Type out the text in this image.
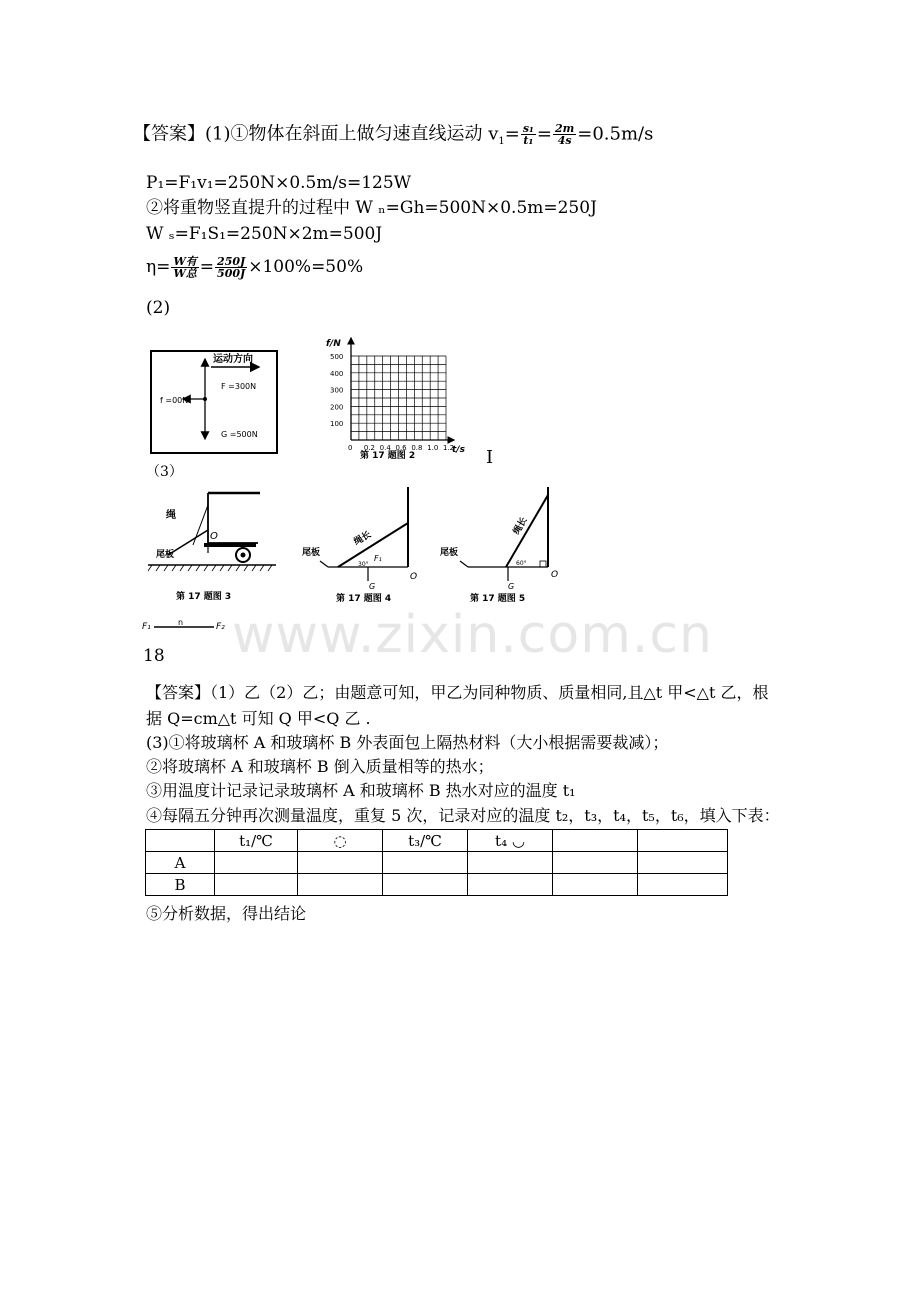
【答案】(1)①物体在斜面上做匀速直线运动 $v_1= \frac{\text{s₁}}{\text{t₁}} = \frac{2m}{4s} =0.5m/s$
P₁=F₁v₁=250N×0.5m/s=125W
②将重物竖直提升的过程中 W ₙ=Gh=500N×0.5m=250J
W ₛ=F₁S₁=250N×2m=500J
$\eta= \frac{\text{W有}}{\text{W总}} = \frac{250J}{500J} \times 100\%=50\%$
(2)
运动方向
f =00N
F =300N
G =500N
f/N
t/s
500
400
300
200
100
0 0.2 0.4 0.6 0.8 1.0 1.2
第 17 题图 2	I
（3）
绳
O
尾板
第 17 题图 3
尾板
绳长
F₁
30°
G
O
第 17 题图 4
尾板
绳长
60°
G
O
第 17 题图 5
F₁	n	F₂ www.zixin.com.cn
18
【答案】（1）乙（2）乙；由题意可知，甲乙为同种物质、质量相同,且△t 甲<△t 乙，根
据 Q=cm△t 可知 Q 甲<Q 乙 .
(3)①将玻璃杯 A 和玻璃杯 B 外表面包上隔热材料（大小根据需要裁减）；
②将玻璃杯 A 和玻璃杯 B 倒入质量相等的热水；
③用温度计记录记录玻璃杯 A 和玻璃杯 B 热水对应的温度 t₁
④每隔五分钟再次测量温度，重复 5 次，记录对应的温度 t₂，t₃，t₄，t₅，t₆，填入下表：
	t₁/℃	◌	t₃/℃	t₄ ◡		
A						
B						
⑤分析数据，得出结论
